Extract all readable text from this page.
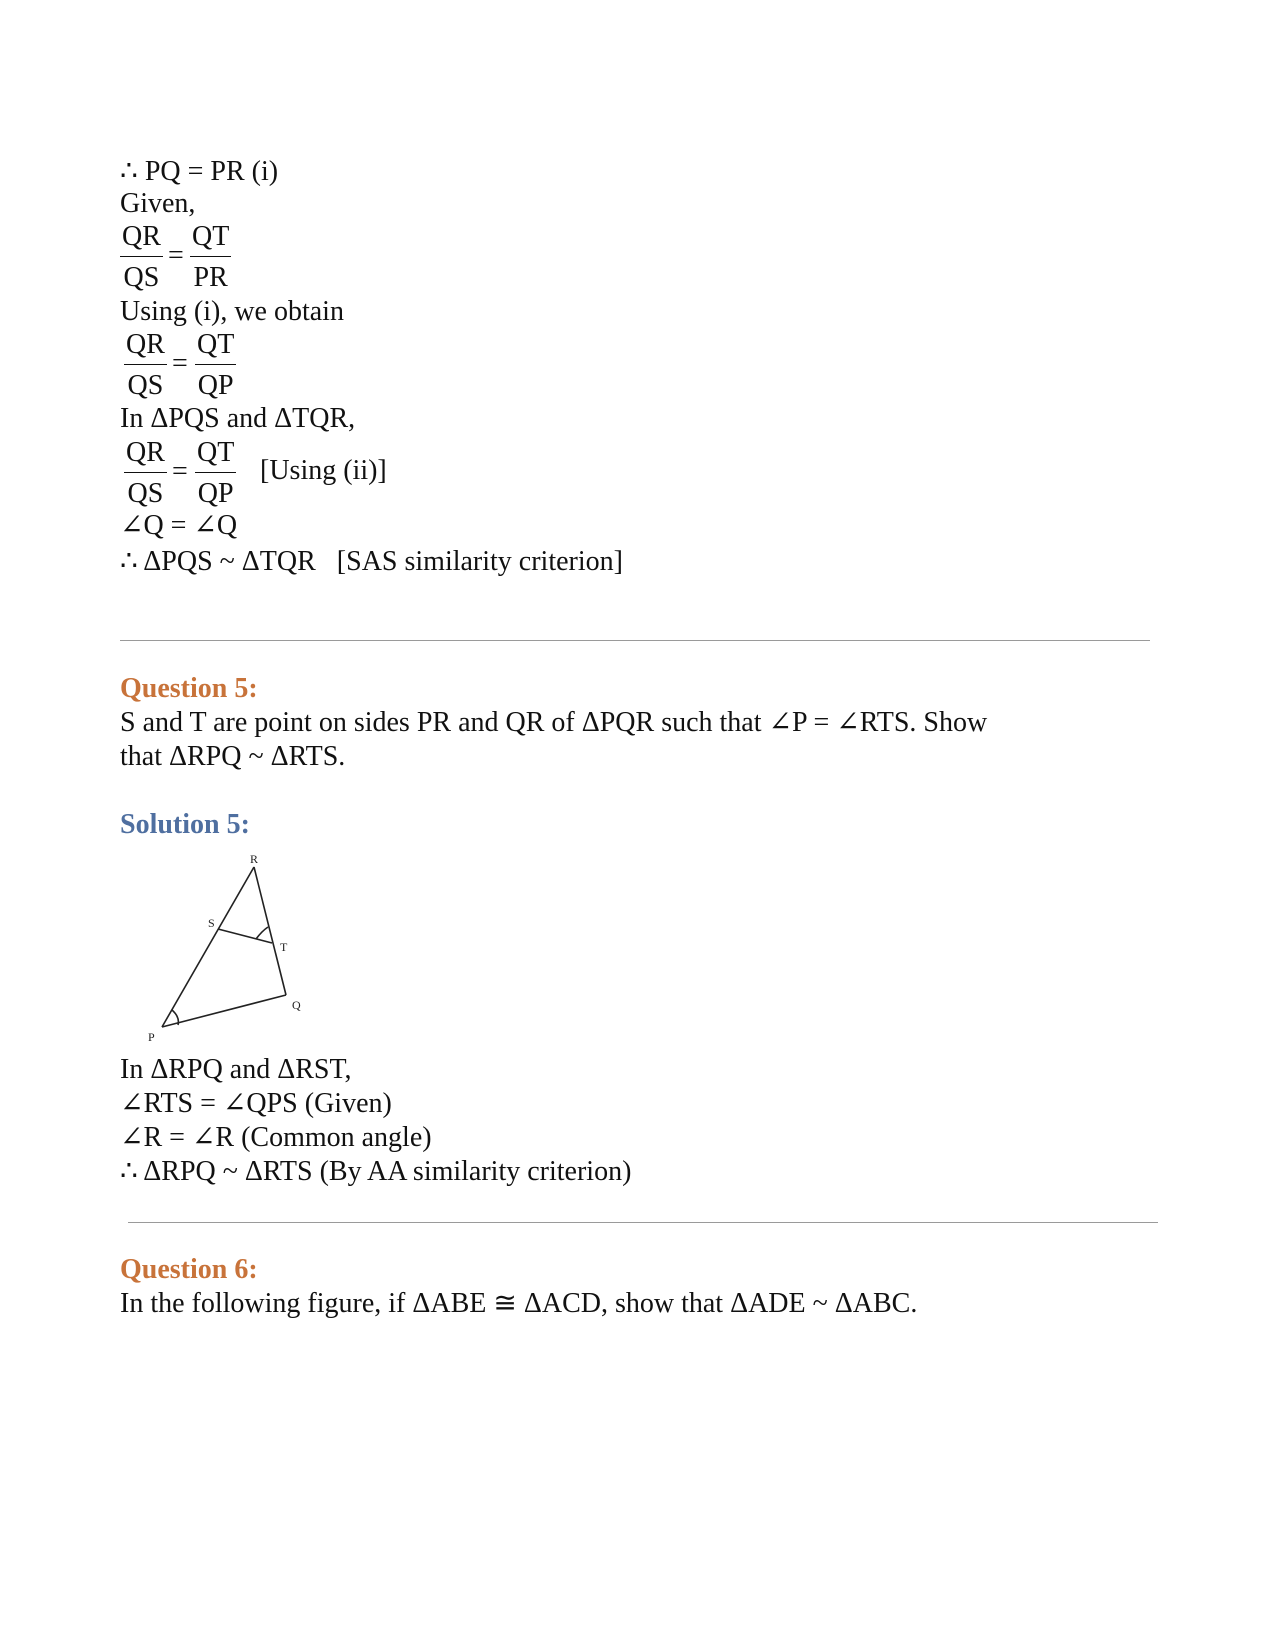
∴ PQ = PR (i)
Given,
$\frac{QR}{QS} = \frac{QT}{PR}$
Using (i), we obtain
$\frac{QR}{QS} = \frac{QT}{QP}$
In ΔPQS and ΔTQR,
$\frac{QR}{QS} = \frac{QT}{QP} [Using$ (ii)]
∠Q = ∠Q
∴ ΔPQS ~ ΔTQR   [SAS similarity criterion]
Question 5:
S and T are point on sides PR and QR of ΔPQR such that ∠P = ∠RTS. Show
that ΔRPQ ~ ΔRTS.
Solution 5:
R
S
T
Q
P
In ΔRPQ and ΔRST,
∠RTS = ∠QPS (Given)
∠R = ∠R (Common angle)
∴ ΔRPQ ~ ΔRTS (By AA similarity criterion)
Question 6:
In the following figure, if ΔABE ≅ ΔACD, show that ΔADE ~ ΔABC.
